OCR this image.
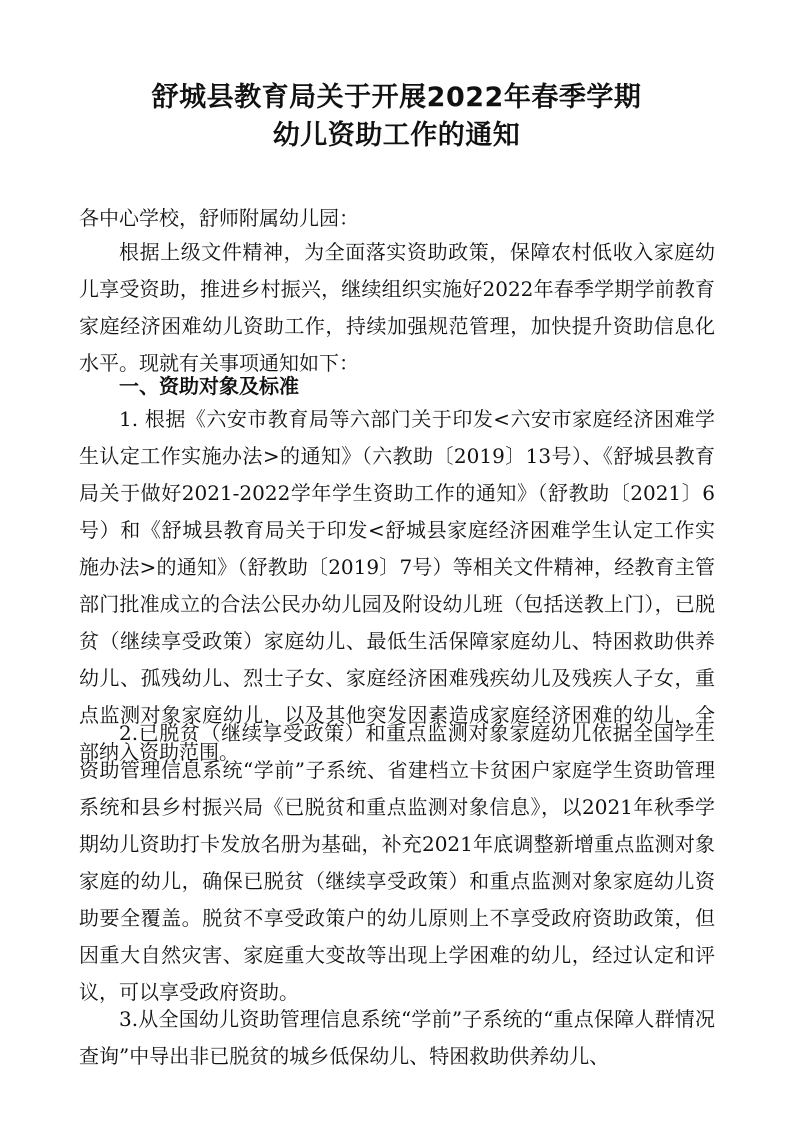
舒城县教育局关于开展2022年春季学期
幼儿资助工作的通知
各中心学校，舒师附属幼儿园：
根据上级文件精神，为全面落实资助政策，保障农村低收入家庭幼儿享受资助，推进乡村振兴，继续组织实施好2022年春季学期学前教育家庭经济困难幼儿资助工作，持续加强规范管理，加快提升资助信息化水平。现就有关事项通知如下：
一、资助对象及标准
1. 根据《六安市教育局等六部门关于印发<六安市家庭经济困难学生认定工作实施办法>的通知》（六教助〔2019〕13号）、《舒城县教育局关于做好2021-2022学年学生资助工作的通知》（舒教助〔2021〕6号）和《舒城县教育局关于印发<舒城县家庭经济困难学生认定工作实施办法>的通知》（舒教助〔2019〕7号）等相关文件精神，经教育主管部门批准成立的合法公民办幼儿园及附设幼儿班（包括送教上门），已脱贫（继续享受政策）家庭幼儿、最低生活保障家庭幼儿、特困救助供养幼儿、孤残幼儿、烈士子女、家庭经济困难残疾幼儿及残疾人子女，重点监测对象家庭幼儿，以及其他突发因素造成家庭经济困难的幼儿，全部纳入资助范围。
2.已脱贫（继续享受政策）和重点监测对象家庭幼儿依据全国学生资助管理信息系统“学前”子系统、省建档立卡贫困户家庭学生资助管理系统和县乡村振兴局《已脱贫和重点监测对象信息》，以2021年秋季学期幼儿资助打卡发放名册为基础，补充2021年底调整新增重点监测对象家庭的幼儿，确保已脱贫（继续享受政策）和重点监测对象家庭幼儿资助要全覆盖。脱贫不享受政策户的幼儿原则上不享受政府资助政策，但因重大自然灾害、家庭重大变故等出现上学困难的幼儿，经过认定和评议，可以享受政府资助。
3.从全国幼儿资助管理信息系统“学前”子系统的“重点保障人群情况查询”中导出非已脱贫的城乡低保幼儿、特困救助供养幼儿、
